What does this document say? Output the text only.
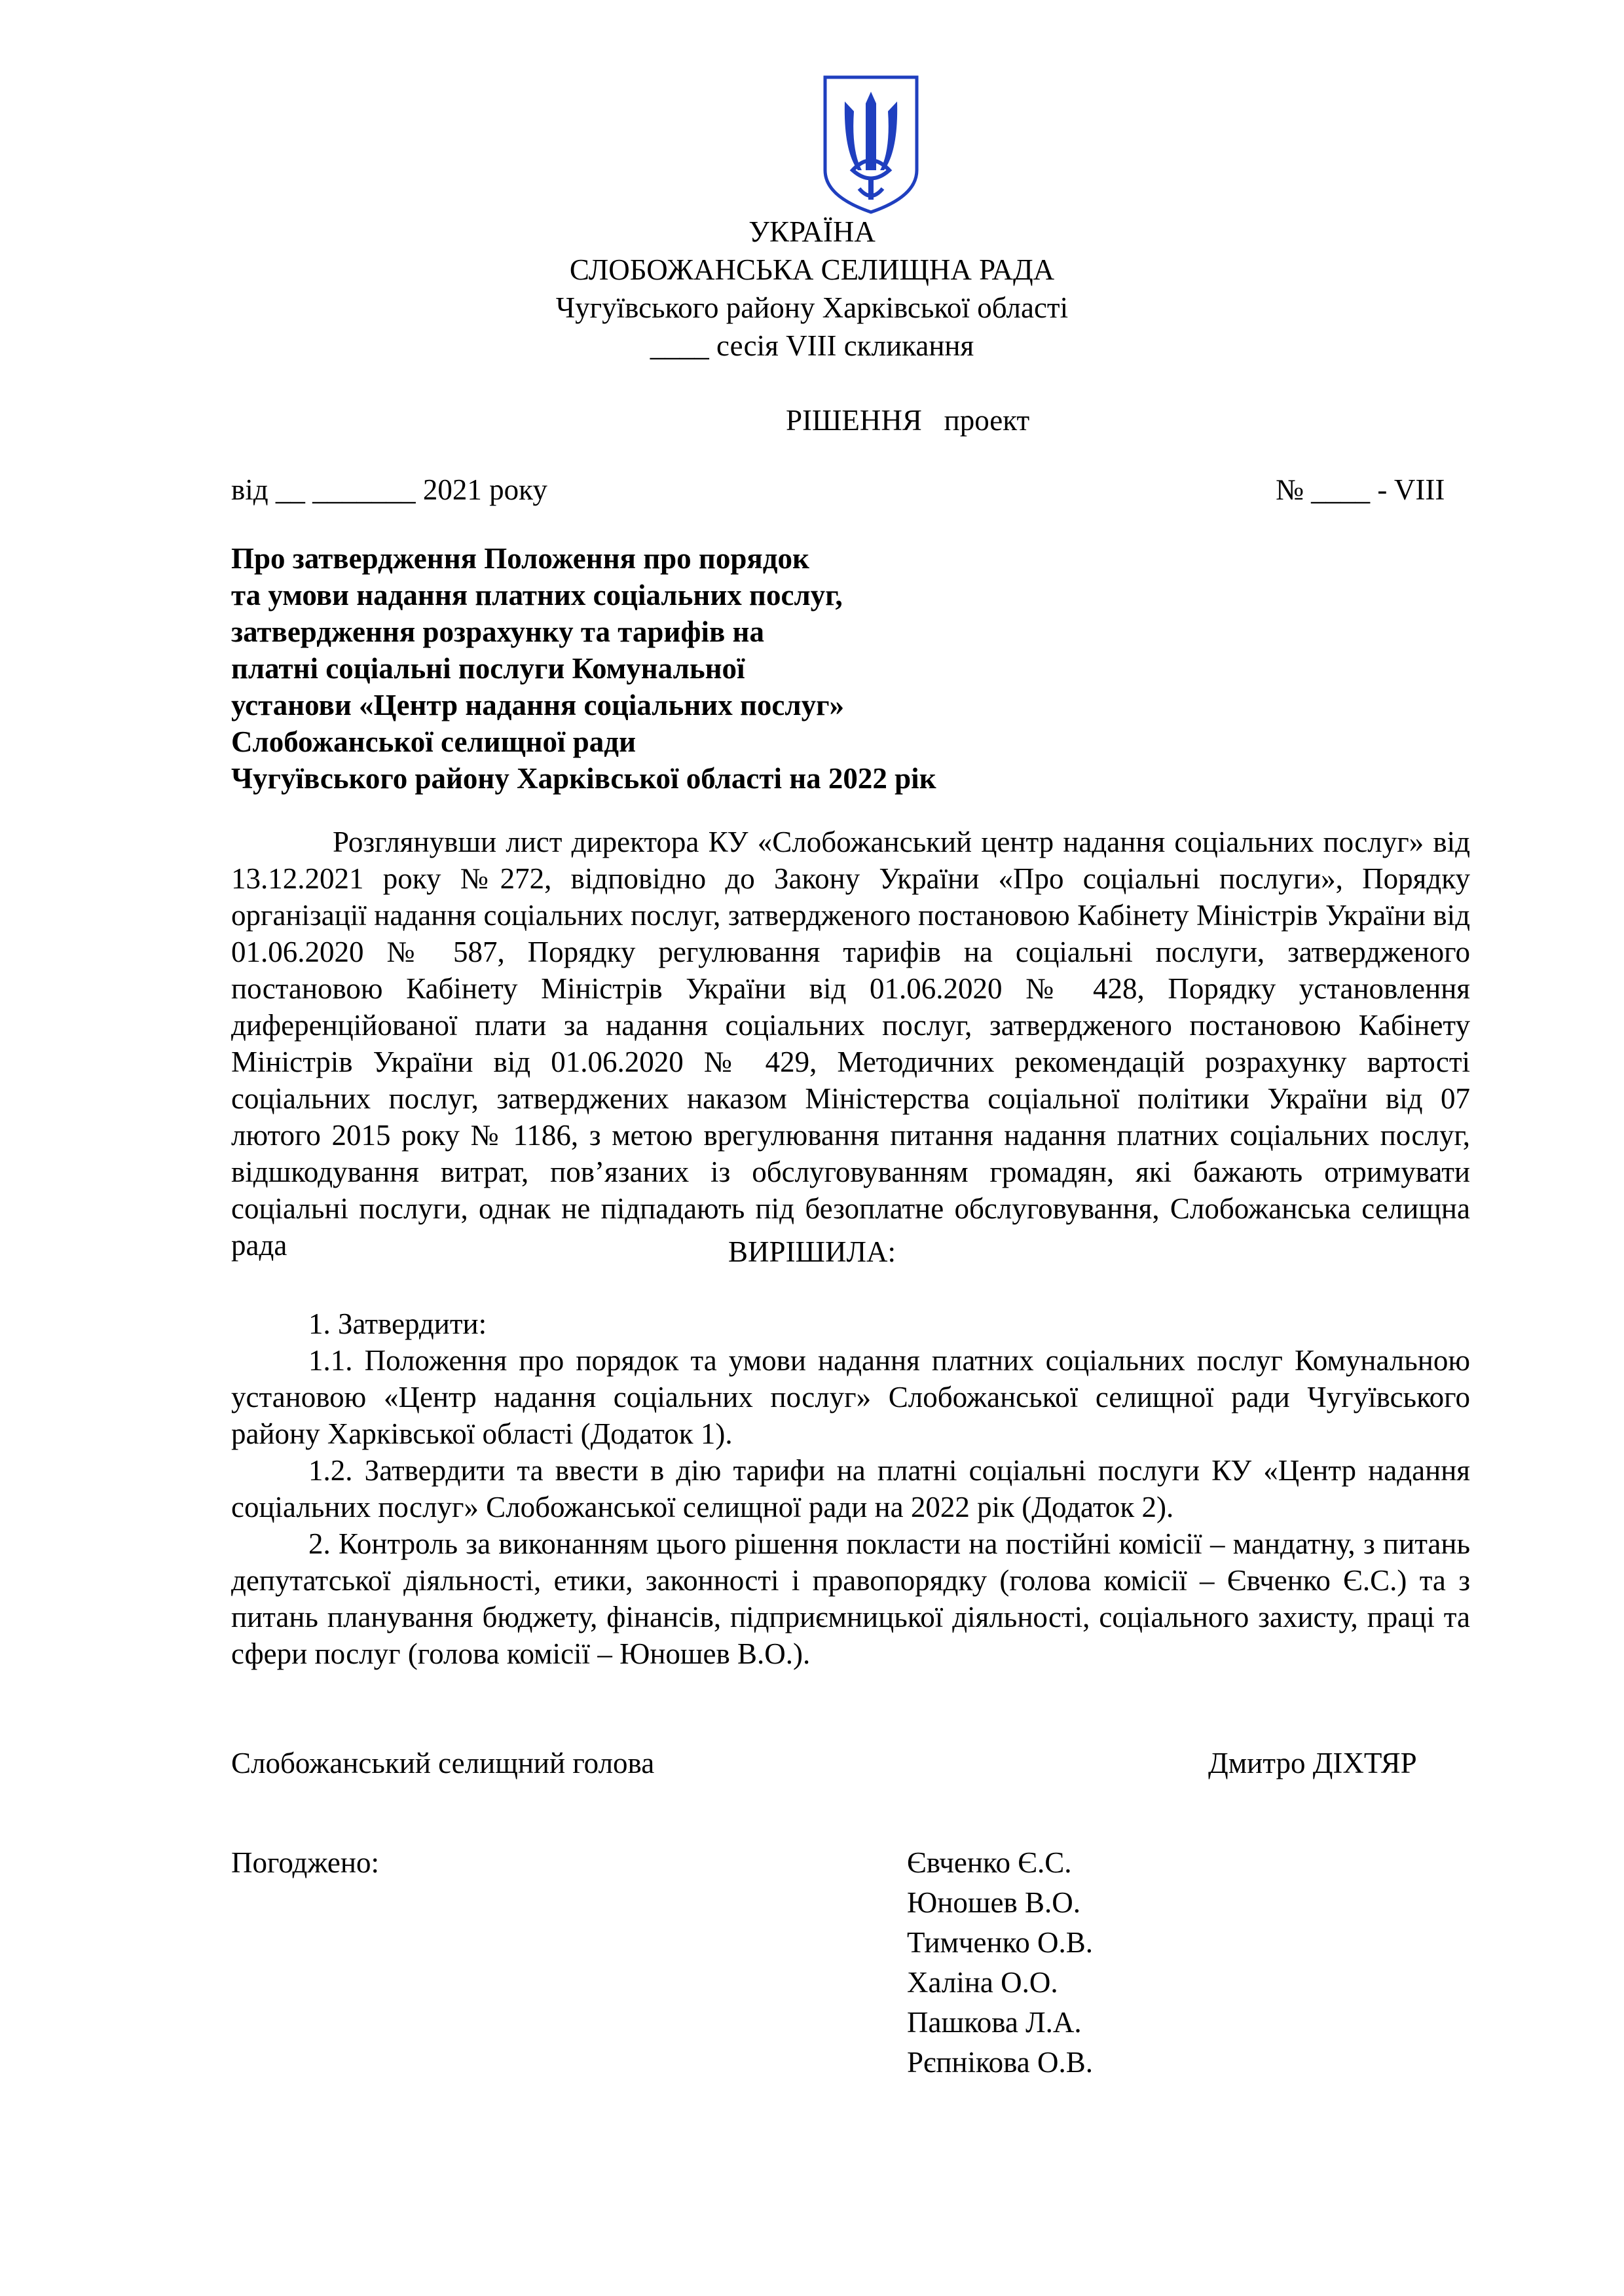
УКРАЇНА
СЛОБОЖАНСЬКА СЕЛИЩНА РАДА
Чугуївського району Харківської області
____ сесія VIII скликання
РІШЕННЯ   проект
від __ _______ 2021 року	№ ____ - VIII
Про затвердження Положення про порядок
та умови надання платних соціальних послуг,
затвердження розрахунку та тарифів на
платні соціальні послуги Комунальної
установи «Центр надання соціальних послуг»
Слобожанської селищної ради
Чугуївського району Харківської області на 2022 рік
Розглянувши лист директора КУ «Слобожанський центр надання соціальних послуг» від 13.12.2021 року №272, відповідно до Закону України «Про соціальні послуги», Порядку організації надання соціальних послуг, затвердженого постановою Кабінету Міністрів України від 01.06.2020 № 587, Порядку регулювання тарифів на соціальні послуги, затвердженого постановою Кабінету Міністрів України від 01.06.2020 № 428, Порядку установлення диференційованої плати за надання соціальних послуг, затвердженого постановою Кабінету Міністрів України від 01.06.2020 № 429, Методичних рекомендацій розрахунку вартості соціальних послуг, затверджених наказом Міністерства соціальної політики України від 07 лютого 2015 року № 1186, з метою врегулювання питання надання платних соціальних послуг, відшкодування витрат, пов’язаних із обслуговуванням громадян, які бажають отримувати соціальні послуги, однак не підпадають під безоплатне обслуговування, Слобожанська селищна рада	ВИРІШИЛА:
1. Затвердити:
1.1. Положення про порядок та умови надання платних соціальних послуг Комунальною установою «Центр надання соціальних послуг» Слобожанської селищної ради Чугуївського району Харківської області (Додаток 1).
1.2. Затвердити та ввести в дію тарифи на платні соціальні послуги КУ «Центр надання соціальних послуг» Слобожанської селищної ради на 2022 рік (Додаток 2).
2. Контроль за виконанням цього рішення покласти на постійні комісії – мандатну, з питань депутатської діяльності, етики, законності і правопорядку (голова комісії – Євченко Є.С.) та з питань планування бюджету, фінансів, підприємницької діяльності, соціального захисту, праці та сфери послуг (голова комісії – Юношев В.О.).
Слобожанський селищний голова	Дмитро ДІХТЯР
Погоджено:	Євченко Є.С.
Юношев В.О.
Тимченко О.В.
Халіна О.О.
Пашкова Л.А.
Рєпнікова О.В.
